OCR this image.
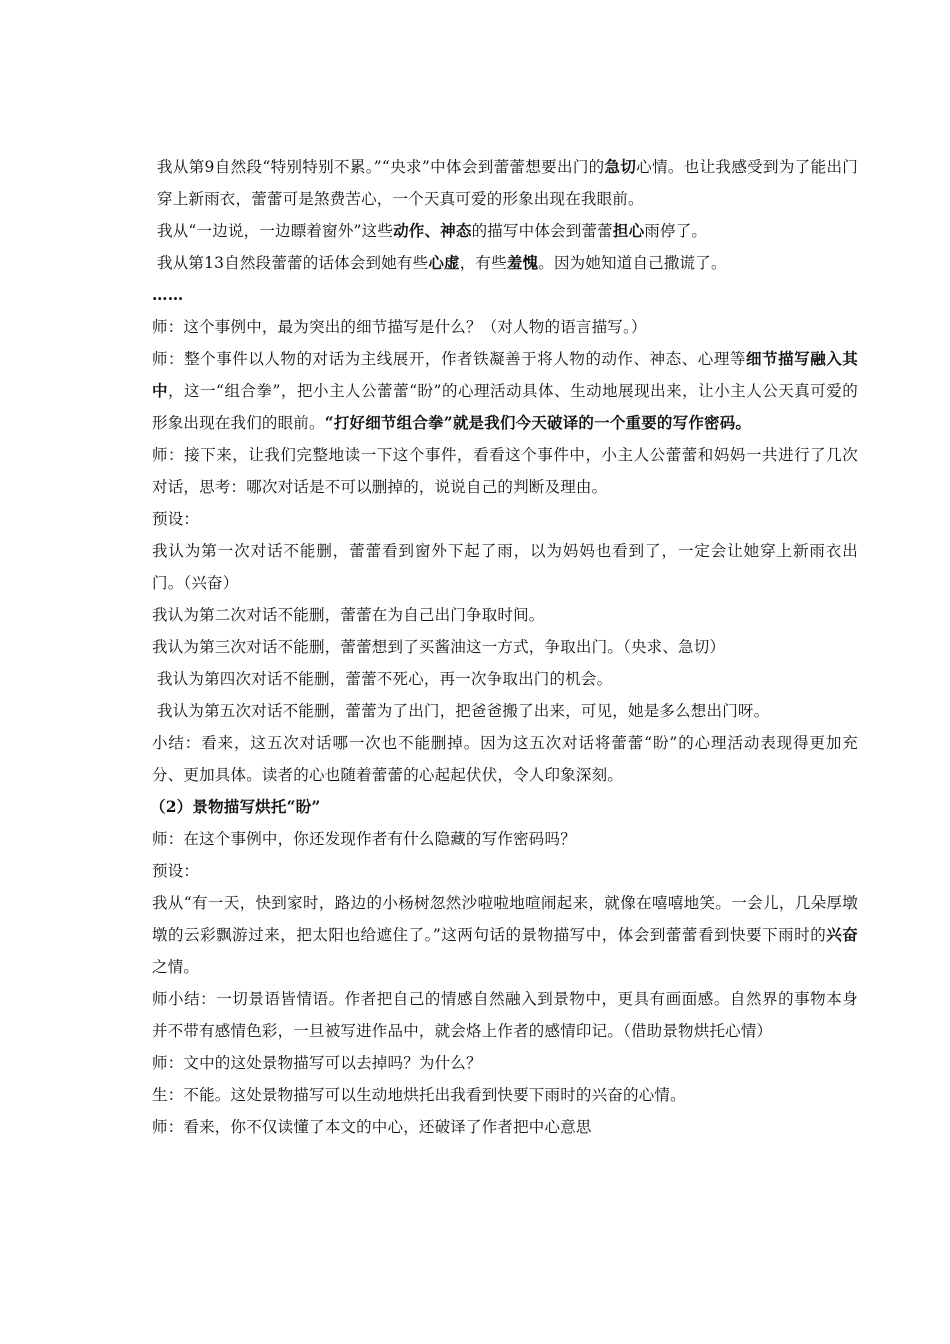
我从第9自然段“特别特别不累。”“央求”中体会到蕾蕾想要出门的急切心情。也让我感受到为了能出门穿上新雨衣，蕾蕾可是煞费苦心，一个天真可爱的形象出现在我眼前。

我从“一边说，一边瞟着窗外”这些动作、神态的描写中体会到蕾蕾担心雨停了。

我从第13自然段蕾蕾的话体会到她有些心虚，有些羞愧。因为她知道自己撒谎了。

……

师：这个事例中，最为突出的细节描写是什么？（对人物的语言描写。）

师：整个事件以人物的对话为主线展开，作者铁凝善于将人物的动作、神态、心理等细节描写融入其中，这一“组合拳”，把小主人公蕾蕾“盼”的心理活动具体、生动地展现出来，让小主人公天真可爱的形象出现在我们的眼前。“打好细节组合拳”就是我们今天破译的一个重要的写作密码。

师：接下来，让我们完整地读一下这个事件，看看这个事件中，小主人公蕾蕾和妈妈一共进行了几次对话，思考：哪次对话是不可以删掉的，说说自己的判断及理由。

预设：

我认为第一次对话不能删，蕾蕾看到窗外下起了雨，以为妈妈也看到了，一定会让她穿上新雨衣出门。（兴奋）

我认为第二次对话不能删，蕾蕾在为自己出门争取时间。

我认为第三次对话不能删，蕾蕾想到了买酱油这一方式，争取出门。（央求、急切）

我认为第四次对话不能删，蕾蕾不死心，再一次争取出门的机会。

我认为第五次对话不能删，蕾蕾为了出门，把爸爸搬了出来，可见，她是多么想出门呀。

小结：看来，这五次对话哪一次也不能删掉。因为这五次对话将蕾蕾“盼”的心理活动表现得更加充分、更加具体。读者的心也随着蕾蕾的心起起伏伏，令人印象深刻。

（2）景物描写烘托“盼”

师：在这个事例中，你还发现作者有什么隐藏的写作密码吗？

预设：

我从“有一天，快到家时，路边的小杨树忽然沙啦啦地喧闹起来，就像在嘻嘻地笑。一会儿，几朵厚墩墩的云彩飘游过来，把太阳也给遮住了。”这两句话的景物描写中，体会到蕾蕾看到快要下雨时的兴奋之情。

师小结：一切景语皆情语。作者把自己的情感自然融入到景物中，更具有画面感。自然界的事物本身并不带有感情色彩，一旦被写进作品中，就会烙上作者的感情印记。（借助景物烘托心情）

师：文中的这处景物描写可以去掉吗？为什么？

生：不能。这处景物描写可以生动地烘托出我看到快要下雨时的兴奋的心情。

师：看来，你不仅读懂了本文的中心，还破译了作者把中心意思
